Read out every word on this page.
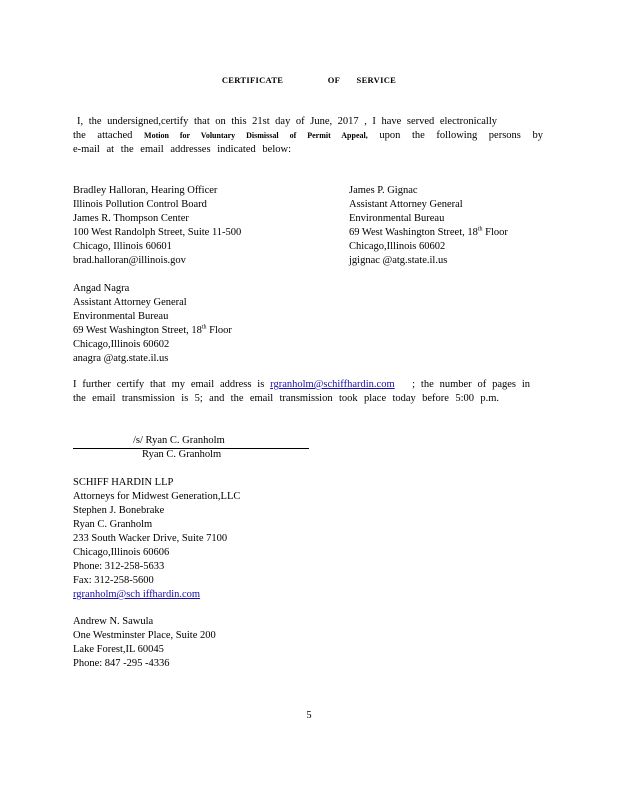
CERTIFICATE	OF SERVICE
I, the undersigned,certify that on this 21st day of June, 2017 , I have served electronically
the attached Motion for Voluntary Dismissal of Permit Appeal, upon the following persons by
e-mail at the email addresses indicated below:
Bradley Halloran, Hearing Officer
Illinois Pollution Control Board
James R. Thompson Center
100 West Randolph Street, Suite 11-500
Chicago, Illinois 60601
brad.halloran@illinois.gov
James P. Gignac
Assistant Attorney General
Environmental Bureau
69 West Washington Street, 18th Floor
Chicago,Illinois 60602
jgignac @atg.state.il.us
Angad Nagra
Assistant Attorney General
Environmental Bureau
69 West Washington Street, 18th Floor
Chicago,Illinois 60602
anagra @atg.state.il.us
I further certify that my email address is rgranholm@schiffhardin.com ; the number of pages in
the email transmission is 5; and the email transmission took place today before 5:00 p.m.
/s/ Ryan C. Granholm
Ryan C. Granholm
SCHIFF HARDIN LLP
Attorneys for Midwest Generation,LLC
Stephen J. Bonebrake
Ryan C. Granholm
233 South Wacker Drive, Suite 7100
Chicago,Illinois 60606
Phone: 312-258-5633
Fax: 312-258-5600
rgranholm@sch iffhardin.com
Andrew N. Sawula
One Westminster Place, Suite 200
Lake Forest,IL 60045
Phone: 847 -295 -4336
5
